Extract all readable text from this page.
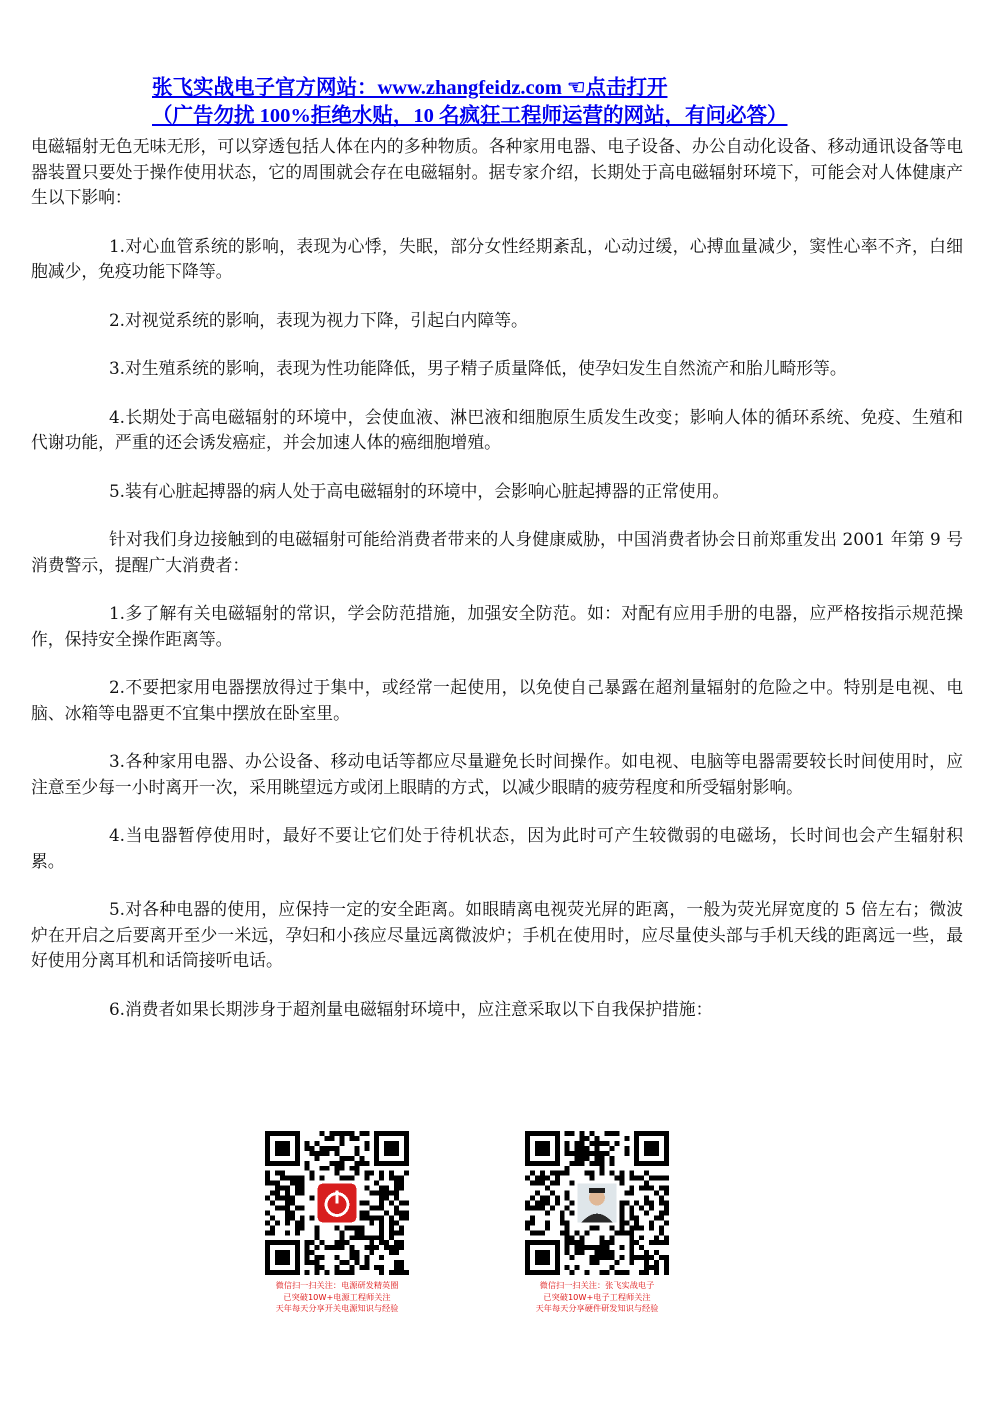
张飞实战电子官方网站：www.zhangfeidz.com ☜点击打开
（广告勿扰 100%拒绝水贴，10 名疯狂工程师运营的网站，有问必答）

电磁辐射无色无味无形，可以穿透包括人体在内的多种物质。各种家用电器、电子设备、办公自动化设备、移动通讯设备等电器装置只要处于操作使用状态，它的周围就会存在电磁辐射。据专家介绍，长期处于高电磁辐射环境下，可能会对人体健康产生以下影响：

1.对心血管系统的影响，表现为心悸，失眠，部分女性经期紊乱，心动过缓，心搏血量减少，窦性心率不齐，白细胞减少，免疫功能下降等。

2.对视觉系统的影响，表现为视力下降，引起白内障等。

3.对生殖系统的影响，表现为性功能降低，男子精子质量降低，使孕妇发生自然流产和胎儿畸形等。

4.长期处于高电磁辐射的环境中，会使血液、淋巴液和细胞原生质发生改变；影响人体的循环系统、免疫、生殖和代谢功能，严重的还会诱发癌症，并会加速人体的癌细胞增殖。

5.装有心脏起搏器的病人处于高电磁辐射的环境中，会影响心脏起搏器的正常使用。

针对我们身边接触到的电磁辐射可能给消费者带来的人身健康威胁，中国消费者协会日前郑重发出 2001 年第 9 号消费警示，提醒广大消费者：

1.多了解有关电磁辐射的常识，学会防范措施，加强安全防范。如：对配有应用手册的电器，应严格按指示规范操作，保持安全操作距离等。

2.不要把家用电器摆放得过于集中，或经常一起使用，以免使自己暴露在超剂量辐射的危险之中。特别是电视、电脑、冰箱等电器更不宜集中摆放在卧室里。

3.各种家用电器、办公设备、移动电话等都应尽量避免长时间操作。如电视、电脑等电器需要较长时间使用时，应注意至少每一小时离开一次，采用眺望远方或闭上眼睛的方式，以减少眼睛的疲劳程度和所受辐射影响。

4.当电器暂停使用时，最好不要让它们处于待机状态，因为此时可产生较微弱的电磁场，长时间也会产生辐射积累。

5.对各种电器的使用，应保持一定的安全距离。如眼睛离电视荧光屏的距离，一般为荧光屏宽度的 5 倍左右；微波炉在开启之后要离开至少一米远，孕妇和小孩应尽量远离微波炉；手机在使用时，应尽量使头部与手机天线的距离远一些，最好使用分离耳机和话筒接听电话。

6.消费者如果长期涉身于超剂量电磁辐射环境中，应注意采取以下自我保护措施：

微信扫一扫关注：电源研发精英圈
已突破10W+电源工程师关注
天年每天分享开关电源知识与经验
微信扫一扫关注：张飞实战电子
已突破10W+电子工程师关注
天年每天分享硬件研发知识与经验
